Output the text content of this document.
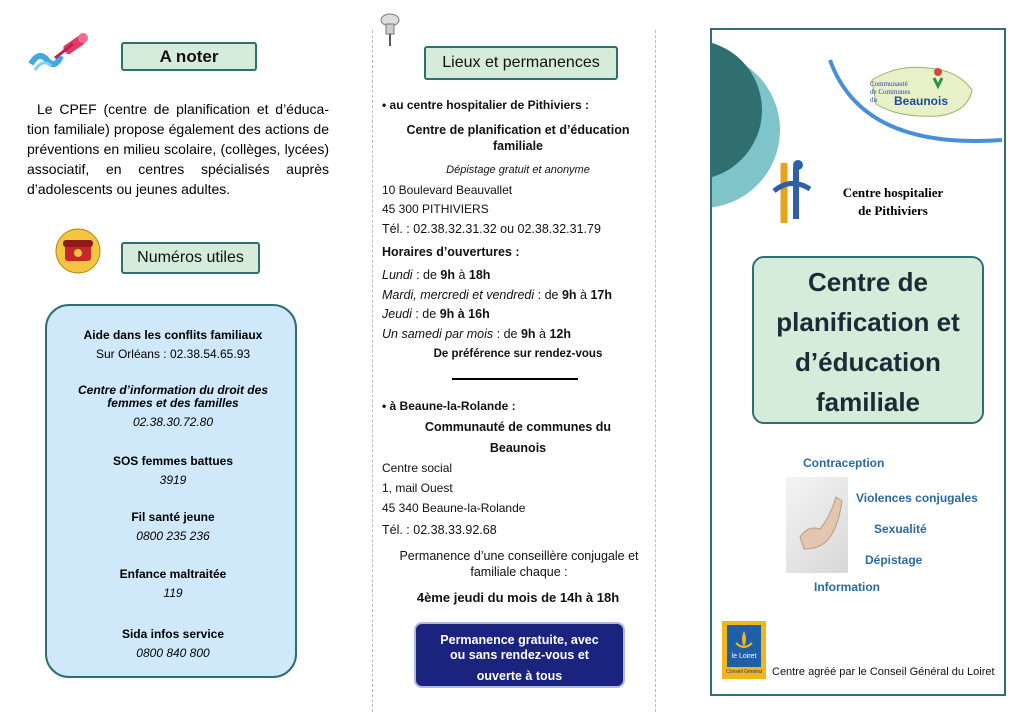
A noter
Le CPEF (centre de planification et d’éduca-tion familiale) propose également des actions de préventions en milieu scolaire, (collèges, lycées) associatif, en centres spécialisés auprès d’adolescents ou jeunes adultes.
Numéros utiles
Aide dans les conflits familiaux
Sur Orléans : 02.38.54.65.93
Centre d’information du droit des femmes et des familles
02.38.30.72.80
SOS femmes battues
3919
Fil santé jeune
0800 235 236
Enfance maltraitée
119
Sida infos service
0800 840 800
Lieux et permanences
• au centre hospitalier de Pithiviers :
Centre de planification et d’éducation familiale
Dépistage gratuit et anonyme
10 Boulevard Beauvallet
45 300 PITHIVIERS
Tél. : 02.38.32.31.32 ou 02.38.32.31.79
Horaires d’ouvertures :
Lundi : de 9h à 18h
Mardi, mercredi et vendredi : de 9h à 17h
Jeudi : de 9h à 16h
Un samedi par mois : de 9h à 12h
De préférence sur rendez-vous
• à Beaune-la-Rolande :
Communauté de communes du
Beaunois
Centre social
1, mail Ouest
45 340 Beaune-la-Rolande
Tél. : 02.38.33.92.68
Permanence d’une conseillère conjugale et familiale chaque :
4ème jeudi du mois de 14h à 18h
Permanence gratuite, avec
ou sans rendez-vous et
ouverte à tous
Communauté
de Communes
du	Beaunois
Centre hospitalier
de Pithiviers
Centre de
planification et
d’éducation
familiale
Contraception
Violences conjugales
Sexualité
Dépistage
Information
le Loiret
Conseil Général Centre agréé par le Conseil Général du Loiret
